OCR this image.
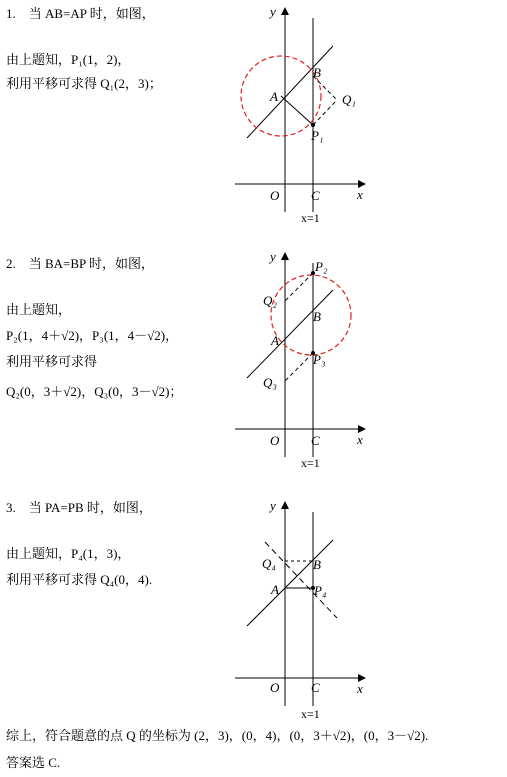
1.　当 AB=AP 时，如图，
由上题知，P₁(1，2)，
利用平移可求得 Q₁(2，3)；
y
x
O C
A
B
P₁
Q₁
x=1
2.　当 BA=BP 时，如图，
由上题知，
P₂(1，4＋√2)，P₃(1，4－√2)，
利用平移可求得
Q₂(0，3＋√2)，Q₃(0，3－√2)；
y
x
O C
A
B
P₂
P₃
Q₂
Q₃
x=1
3.　当 PA=PB 时，如图，
由上题知，P₄(1，3)，
利用平移可求得 Q₄(0，4).
y
x
O C
A
B
P₄
Q₄
x=1
综上，符合题意的点 Q 的坐标为 (2，3)，(0，4)，(0，3＋√2)，(0，3－√2).
答案选 C.
